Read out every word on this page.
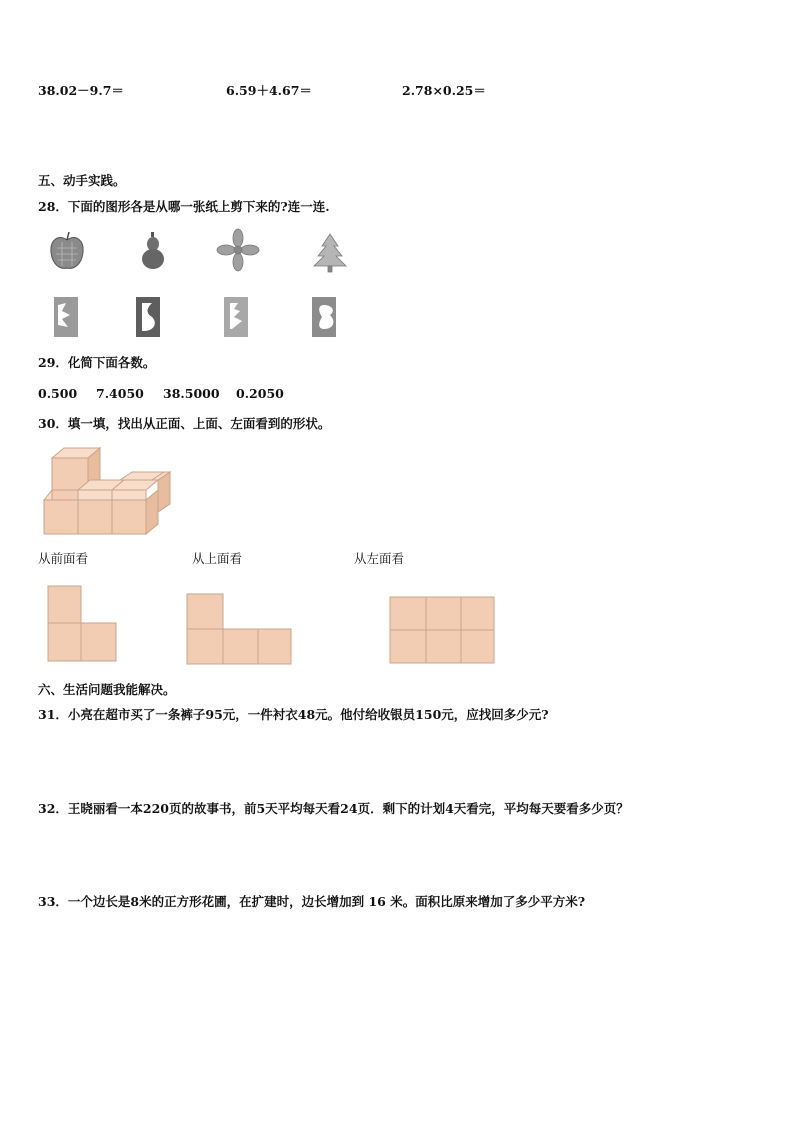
38.02－9.7＝	6.59＋4.67＝	2.78×0.25＝
五、动手实践。
28．下面的图形各是从哪一张纸上剪下来的?连一连.
29．化简下面各数。
0.500 7.4050 38.5000 0.2050
30．填一填，找出从正面、上面、左面看到的形状。
从前面看	从上面看	从左面看
六、生活问题我能解决。
31．小亮在超市买了一条裤子95元，一件衬衣48元。他付给收银员150元，应找回多少元?
32．王晓丽看一本220页的故事书，前5天平均每天看24页．剩下的计划4天看完，平均每天要看多少页？
33．一个边长是8米的正方形花圃，在扩建时，边长增加到 16 米。面积比原来增加了多少平方米?
